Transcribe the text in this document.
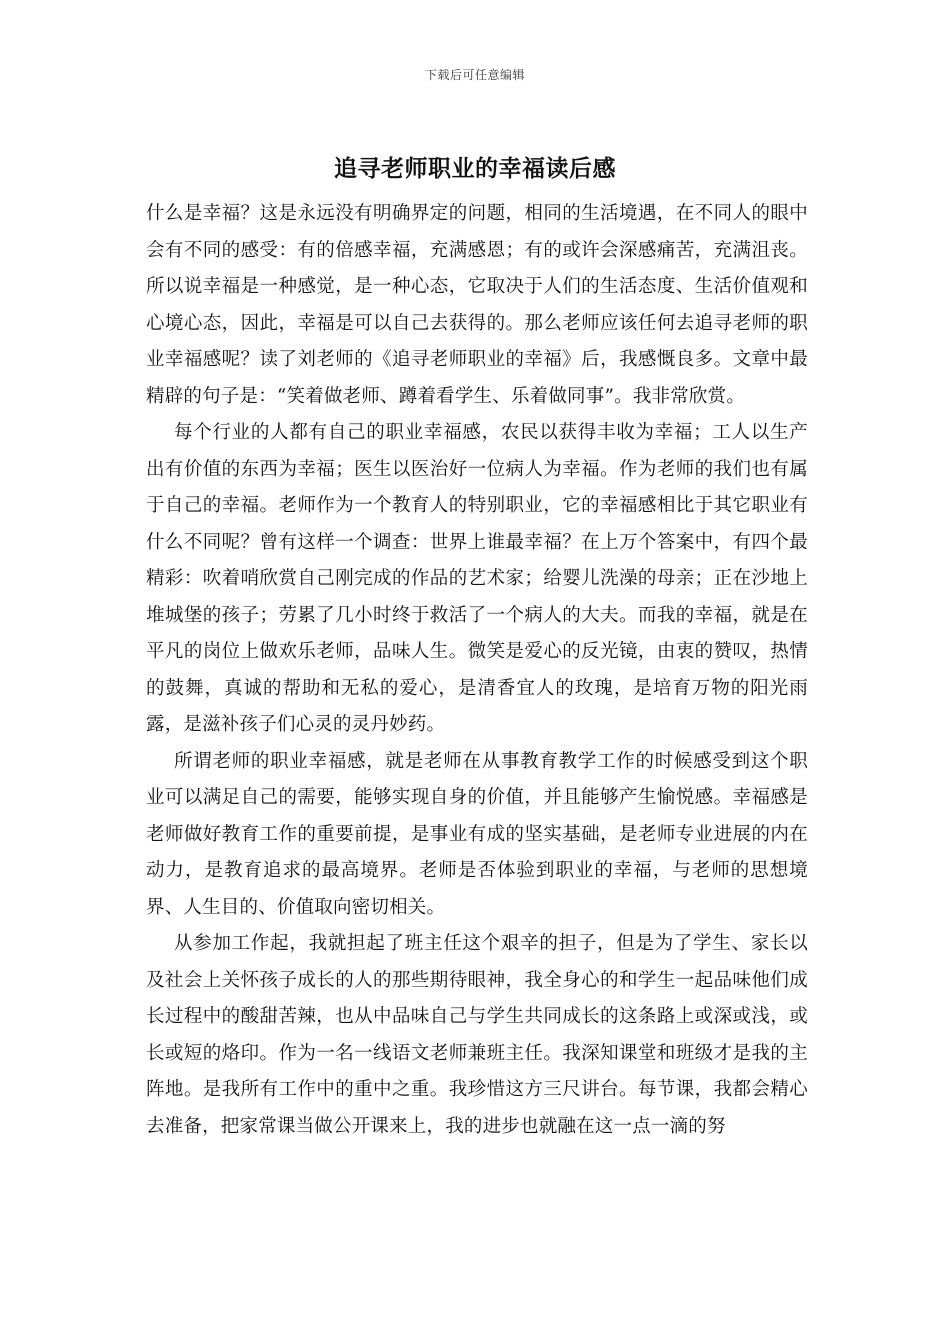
下载后可任意编辑
追寻老师职业的幸福读后感

什么是幸福？这是永远没有明确界定的问题，相同的生活境遇，在不同人的眼中会有不同的感受：有的倍感幸福，充满感恩；有的或许会深感痛苦，充满沮丧。所以说幸福是一种感觉，是一种心态，它取决于人们的生活态度、生活价值观和心境心态，因此，幸福是可以自己去获得的。那么老师应该任何去追寻老师的职业幸福感呢？读了刘老师的《追寻老师职业的幸福》后，我感慨良多。文章中最精辟的句子是：“笑着做老师、蹲着看学生、乐着做同事”。我非常欣赏。

每个行业的人都有自己的职业幸福感，农民以获得丰收为幸福；工人以生产出有价值的东西为幸福；医生以医治好一位病人为幸福。作为老师的我们也有属于自己的幸福。老师作为一个教育人的特别职业，它的幸福感相比于其它职业有什么不同呢？曾有这样一个调查：世界上谁最幸福？在上万个答案中，有四个最精彩：吹着哨欣赏自己刚完成的作品的艺术家；给婴儿洗澡的母亲；正在沙地上堆城堡的孩子；劳累了几小时终于救活了一个病人的大夫。而我的幸福，就是在平凡的岗位上做欢乐老师，品味人生。微笑是爱心的反光镜，由衷的赞叹，热情的鼓舞，真诚的帮助和无私的爱心，是清香宜人的玫瑰，是培育万物的阳光雨露，是滋补孩子们心灵的灵丹妙药。

所谓老师的职业幸福感，就是老师在从事教育教学工作的时候感受到这个职业可以满足自己的需要，能够实现自身的价值，并且能够产生愉悦感。幸福感是老师做好教育工作的重要前提，是事业有成的坚实基础，是老师专业进展的内在动力，是教育追求的最高境界。老师是否体验到职业的幸福，与老师的思想境界、人生目的、价值取向密切相关。

从参加工作起，我就担起了班主任这个艰辛的担子，但是为了学生、家长以及社会上关怀孩子成长的人的那些期待眼神，我全身心的和学生一起品味他们成长过程中的酸甜苦辣，也从中品味自己与学生共同成长的这条路上或深或浅，或长或短的烙印。作为一名一线语文老师兼班主任。我深知课堂和班级才是我的主阵地。是我所有工作中的重中之重。我珍惜这方三尺讲台。每节课，我都会精心去准备，把家常课当做公开课来上，我的进步也就融在这一点一滴的努
